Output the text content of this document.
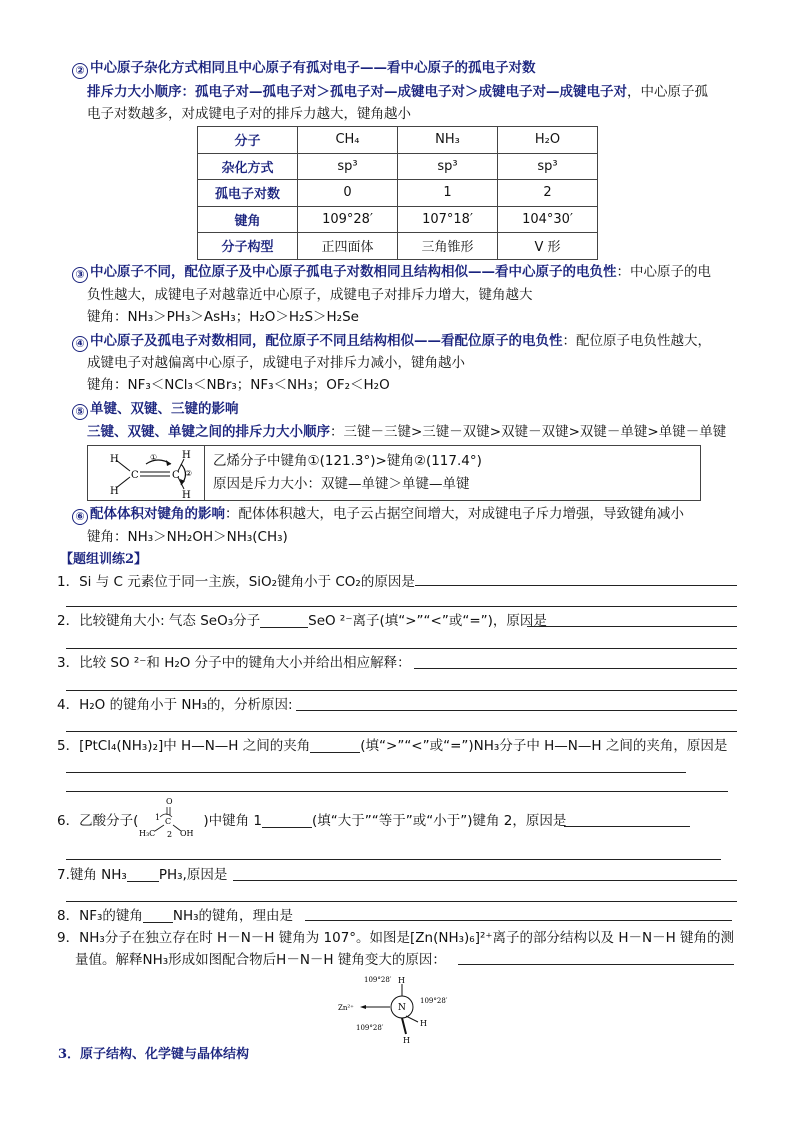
② 中心原子杂化方式相同且中心原子有孤对电子——看中心原子的孤电子对数
排斥力大小顺序：孤电子对—孤电子对＞孤电子对—成键电子对＞成键电子对—成键电子对，中心原子孤
电子对数越多，对成键电子对的排斥力越大，键角越小
分子	CH₄	NH₃	H₂O
杂化方式	sp³	sp³	sp³
孤电子对数	0	1	2
键角	109°28′	107°18′	104°30′
分子构型	正四面体	三角锥形	V 形
③ 中心原子不同，配位原子及中心原子孤电子对数相同且结构相似——看中心原子的电负性：中心原子的电
负性越大，成键电子对越靠近中心原子，成键电子对排斥力增大，键角越大
键角：NH₃＞PH₃＞AsH₃；H₂O＞H₂S＞H₂Se
④ 中心原子及孤电子对数相同，配位原子不同且结构相似——看配位原子的电负性：配位原子电负性越大，
成键电子对越偏离中心原子，成键电子对排斥力减小，键角越小
键角：NF₃＜NCl₃＜NBr₃；NF₃＜NH₃；OF₂＜H₂O
⑤ 单键、双键、三键的影响
三键、双键、单键之间的排斥力大小顺序：三键－三键>三键－双键>双键－双键>双键－单键>单键－单键
H
H
C	C
H
H
①
②
乙烯分子中键角①(121.3°)>键角②(117.4°)
原因是斥力大小：双键—单键＞单键—单键
⑥ 配体体积对键角的影响：配体体积越大，电子云占据空间增大，对成键电子斥力增强，导致键角减小
键角：NH₃＞NH₂OH＞NH₃(CH₃)
【题组训练2】
1．Si 与 C 元素位于同一主族，SiO₂键角小于 CO₂的原因是
2．比较键角大小: 气态 SeO₃分子	SeO ²⁻离子(填“>”“<”或“=”)，原因是
3．比较 SO ²⁻和 H₂O 分子中的键角大小并给出相应解释：
4．H₂O 的键角小于 NH₃的，分析原因:
5．[PtCl₄(NH₃)₂]中 H—N—H 之间的夹角	(填“>”“<”或“=”)NH₃分子中 H—N—H 之间的夹角，原因是
6．乙酸分子(	)中键角 1	(填“大于”“等于”或“小于”)键角 2，原因是
O
1 C
H₃C 2 OH
7.键角 NH₃ PH₃,原因是
8．NF₃的键角 NH₃的键角，理由是
9．NH₃分子在独立存在时 H－N－H 键角为 107°。如图是[Zn(NH₃)₆]²⁺离子的部分结构以及 H－N－H 键角的测
量值。解释NH₃形成如图配合物后H－N－H 键角变大的原因：
N
H
H
H
Zn²⁺
109°28′
109°28′
109°28′
3．原子结构、化学键与晶体结构
